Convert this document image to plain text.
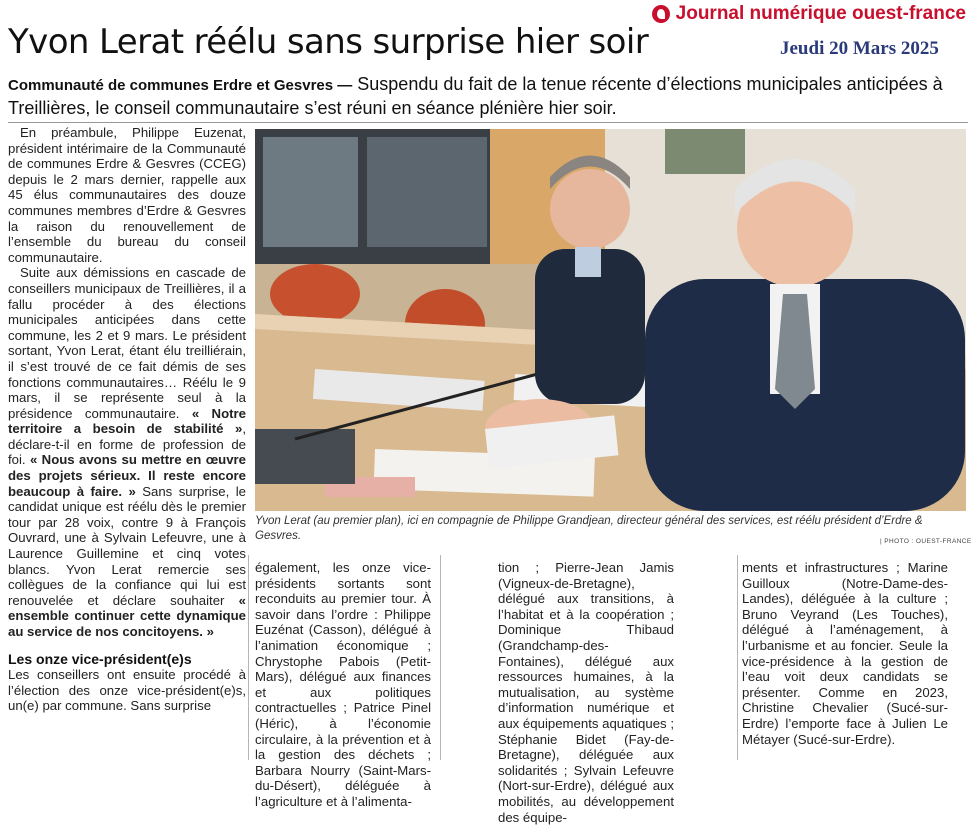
Journal numérique ouest-france
Yvon Lerat réélu sans surprise hier soir	Jeudi 20 Mars 2025
Communauté de communes Erdre et Gesvres — Suspendu du fait de la tenue récente d’élections municipales anticipées à Treillières, le conseil communautaire s’est réuni en séance plénière hier soir.

En préambule, Philippe Euzenat, président intérimaire de la Communauté de communes Erdre & Gesvres (CCEG) depuis le 2 mars dernier, rappelle aux 45 élus communautaires des douze communes membres d’Erdre & Gesvres la raison du renouvellement de l’ensemble du bureau du conseil communautaire.

Suite aux démissions en cascade de conseillers municipaux de Treillières, il a fallu procéder à des élections municipales anticipées dans cette commune, les 2 et 9 mars. Le président sortant, Yvon Lerat, étant élu treilliérain, il s’est trouvé de ce fait démis de ses fonctions communautaires… Réélu le 9 mars, il se représente seul à la présidence communautaire. « Notre territoire a besoin de stabilité », déclare-t-il en forme de profession de foi. « Nous avons su mettre en œuvre des projets sérieux. Il reste encore beaucoup à faire. » Sans surprise, le candidat unique est réélu dès le premier tour par 28 voix, contre 9 à François Ouvrard, une à Sylvain Lefeuvre, une à Laurence Guillemine et cinq votes blancs. Yvon Lerat remercie ses collègues de la confiance qui lui est renouvelée et déclare souhaiter « ensemble continuer cette dynamique au service de nos concitoyens. »

Les onze vice-président(e)s

Les conseillers ont ensuite procédé à l’élection des onze vice-président(e)s, un(e) par commune. Sans surprise

Yvon Lerat (au premier plan), ici en compagnie de Philippe Grandjean, directeur général des services, est réélu président d’Erdre & Gesvres.	| PHOTO : OUEST-FRANCE

également, les onze vice-présidents sortants sont reconduits au premier tour. À savoir dans l’ordre : Philippe Euzénat (Casson), délégué à l’animation économique ; Chrystophe Pabois (Petit-Mars), délégué aux finances et aux politiques contractuelles ; Patrice Pinel (Héric), à l’économie circulaire, à la prévention et à la gestion des déchets ; Barbara Nourry (Saint-Mars-du-Désert), déléguée à l’agriculture et à l’alimenta-

tion ; Pierre-Jean Jamis (Vigneux-de-Bretagne), délégué aux transitions, à l’habitat et à la coopération ; Dominique Thibaud (Grandchamp-des-Fontaines), délégué aux ressources humaines, à la mutualisation, au système d’information numérique et aux équipements aquatiques ; Stéphanie Bidet (Fay-de-Bretagne), déléguée aux solidarités ; Sylvain Lefeuvre (Nort-sur-Erdre), délégué aux mobilités, au développement des équipe-

ments et infrastructures ; Marine Guilloux (Notre-Dame-des-Landes), déléguée à la culture ; Bruno Veyrand (Les Touches), délégué à l’aménagement, à l’urbanisme et au foncier. Seule la vice-présidence à la gestion de l’eau voit deux candidats se présenter. Comme en 2023, Christine Chevalier (Sucé-sur-Erdre) l’emporte face à Julien Le Métayer (Sucé-sur-Erdre).
